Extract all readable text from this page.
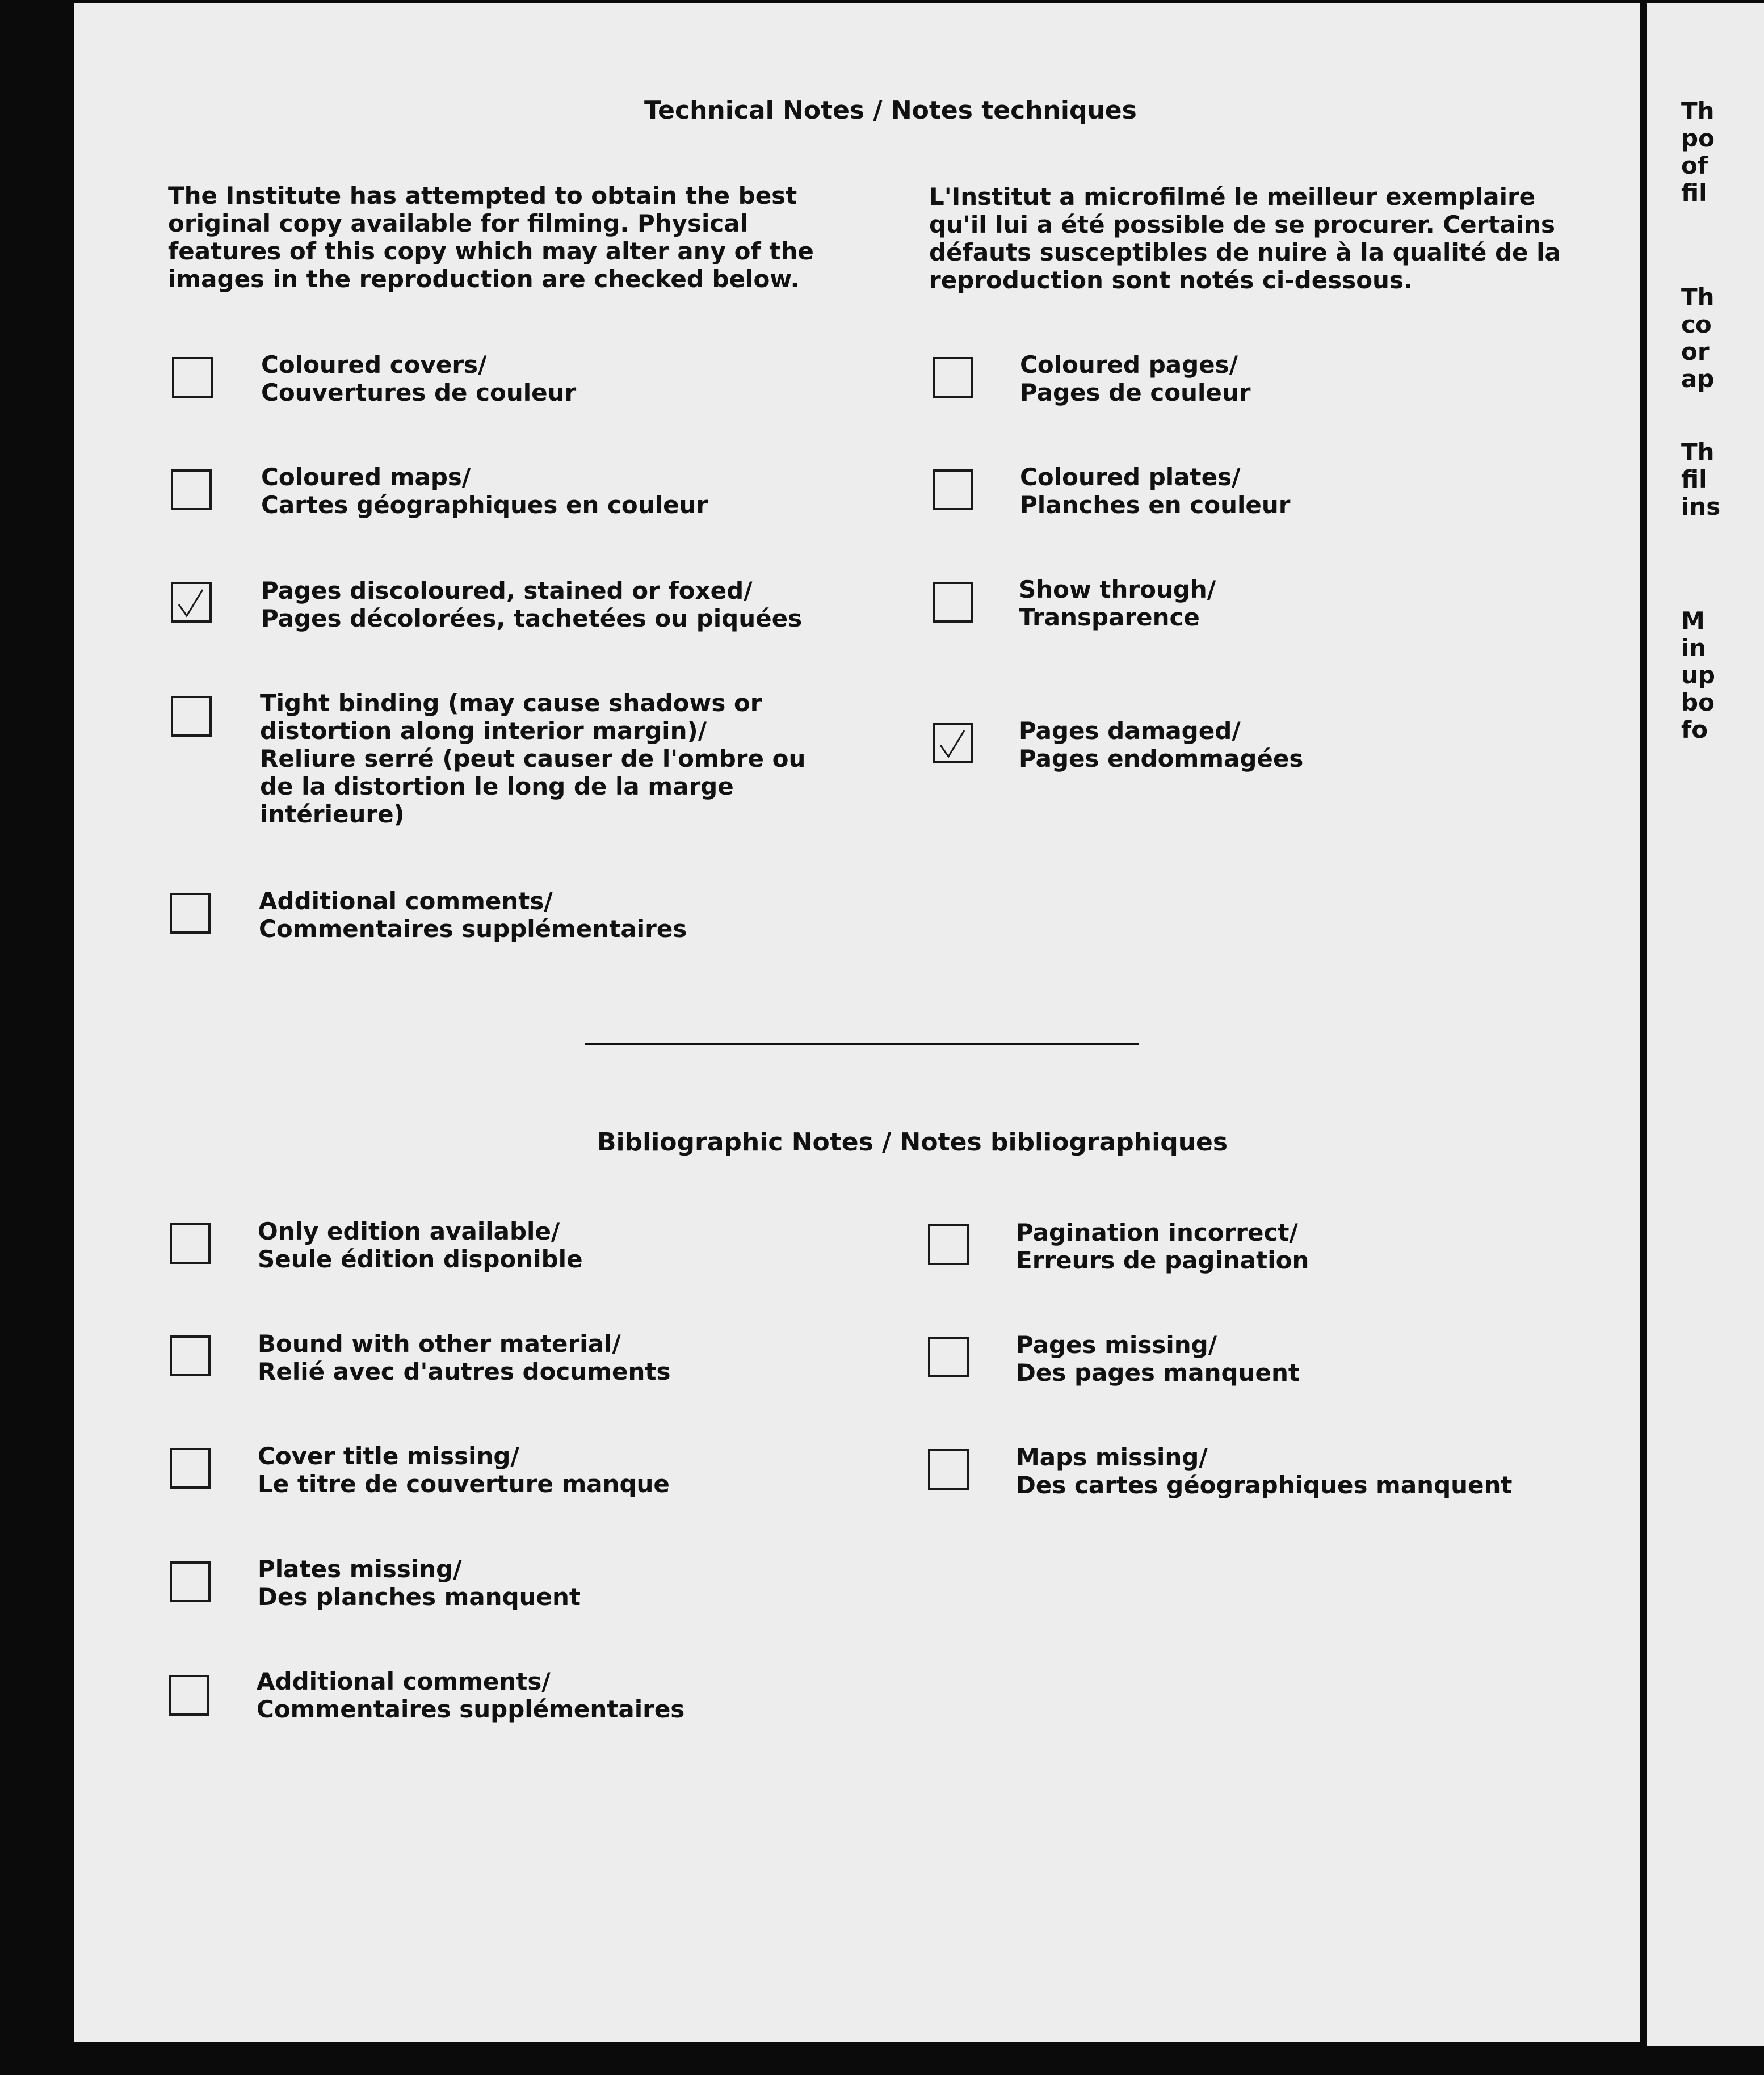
Technical Notes / Notes techniques
The Institute has attempted to obtain the best
original copy available for filming. Physical
features of this copy which may alter any of the
images in the reproduction are checked below.
L'Institut a microfilmé le meilleur exemplaire
qu'il lui a été possible de se procurer. Certains
défauts susceptibles de nuire à la qualité de la
reproduction sont notés ci-dessous.
Coloured covers/
Couvertures de couleur
Coloured maps/
Cartes géographiques en couleur
Pages discoloured, stained or foxed/
Pages décolorées, tachetées ou piquées
Tight binding (may cause shadows or
distortion along interior margin)/
Reliure serré (peut causer de l'ombre ou
de la distortion le long de la marge
intérieure)
Additional comments/
Commentaires supplémentaires
Coloured pages/
Pages de couleur
Coloured plates/
Planches en couleur
Show through/
Transparence
Pages damaged/
Pages endommagées
Only edition available/
Seule édition disponible
Bound with other material/
Relié avec d'autres documents
Cover title missing/
Le titre de couverture manque
Plates missing/
Des planches manquent
Additional comments/
Commentaires supplémentaires
Pagination incorrect/
Erreurs de pagination
Pages missing/
Des pages manquent
Maps missing/
Des cartes géographiques manquent
Bibliographic Notes / Notes bibliographiques
Th
po
of
fil
Th
co
or
ap
Th
fil
ins
M
in
up
bo
fo
